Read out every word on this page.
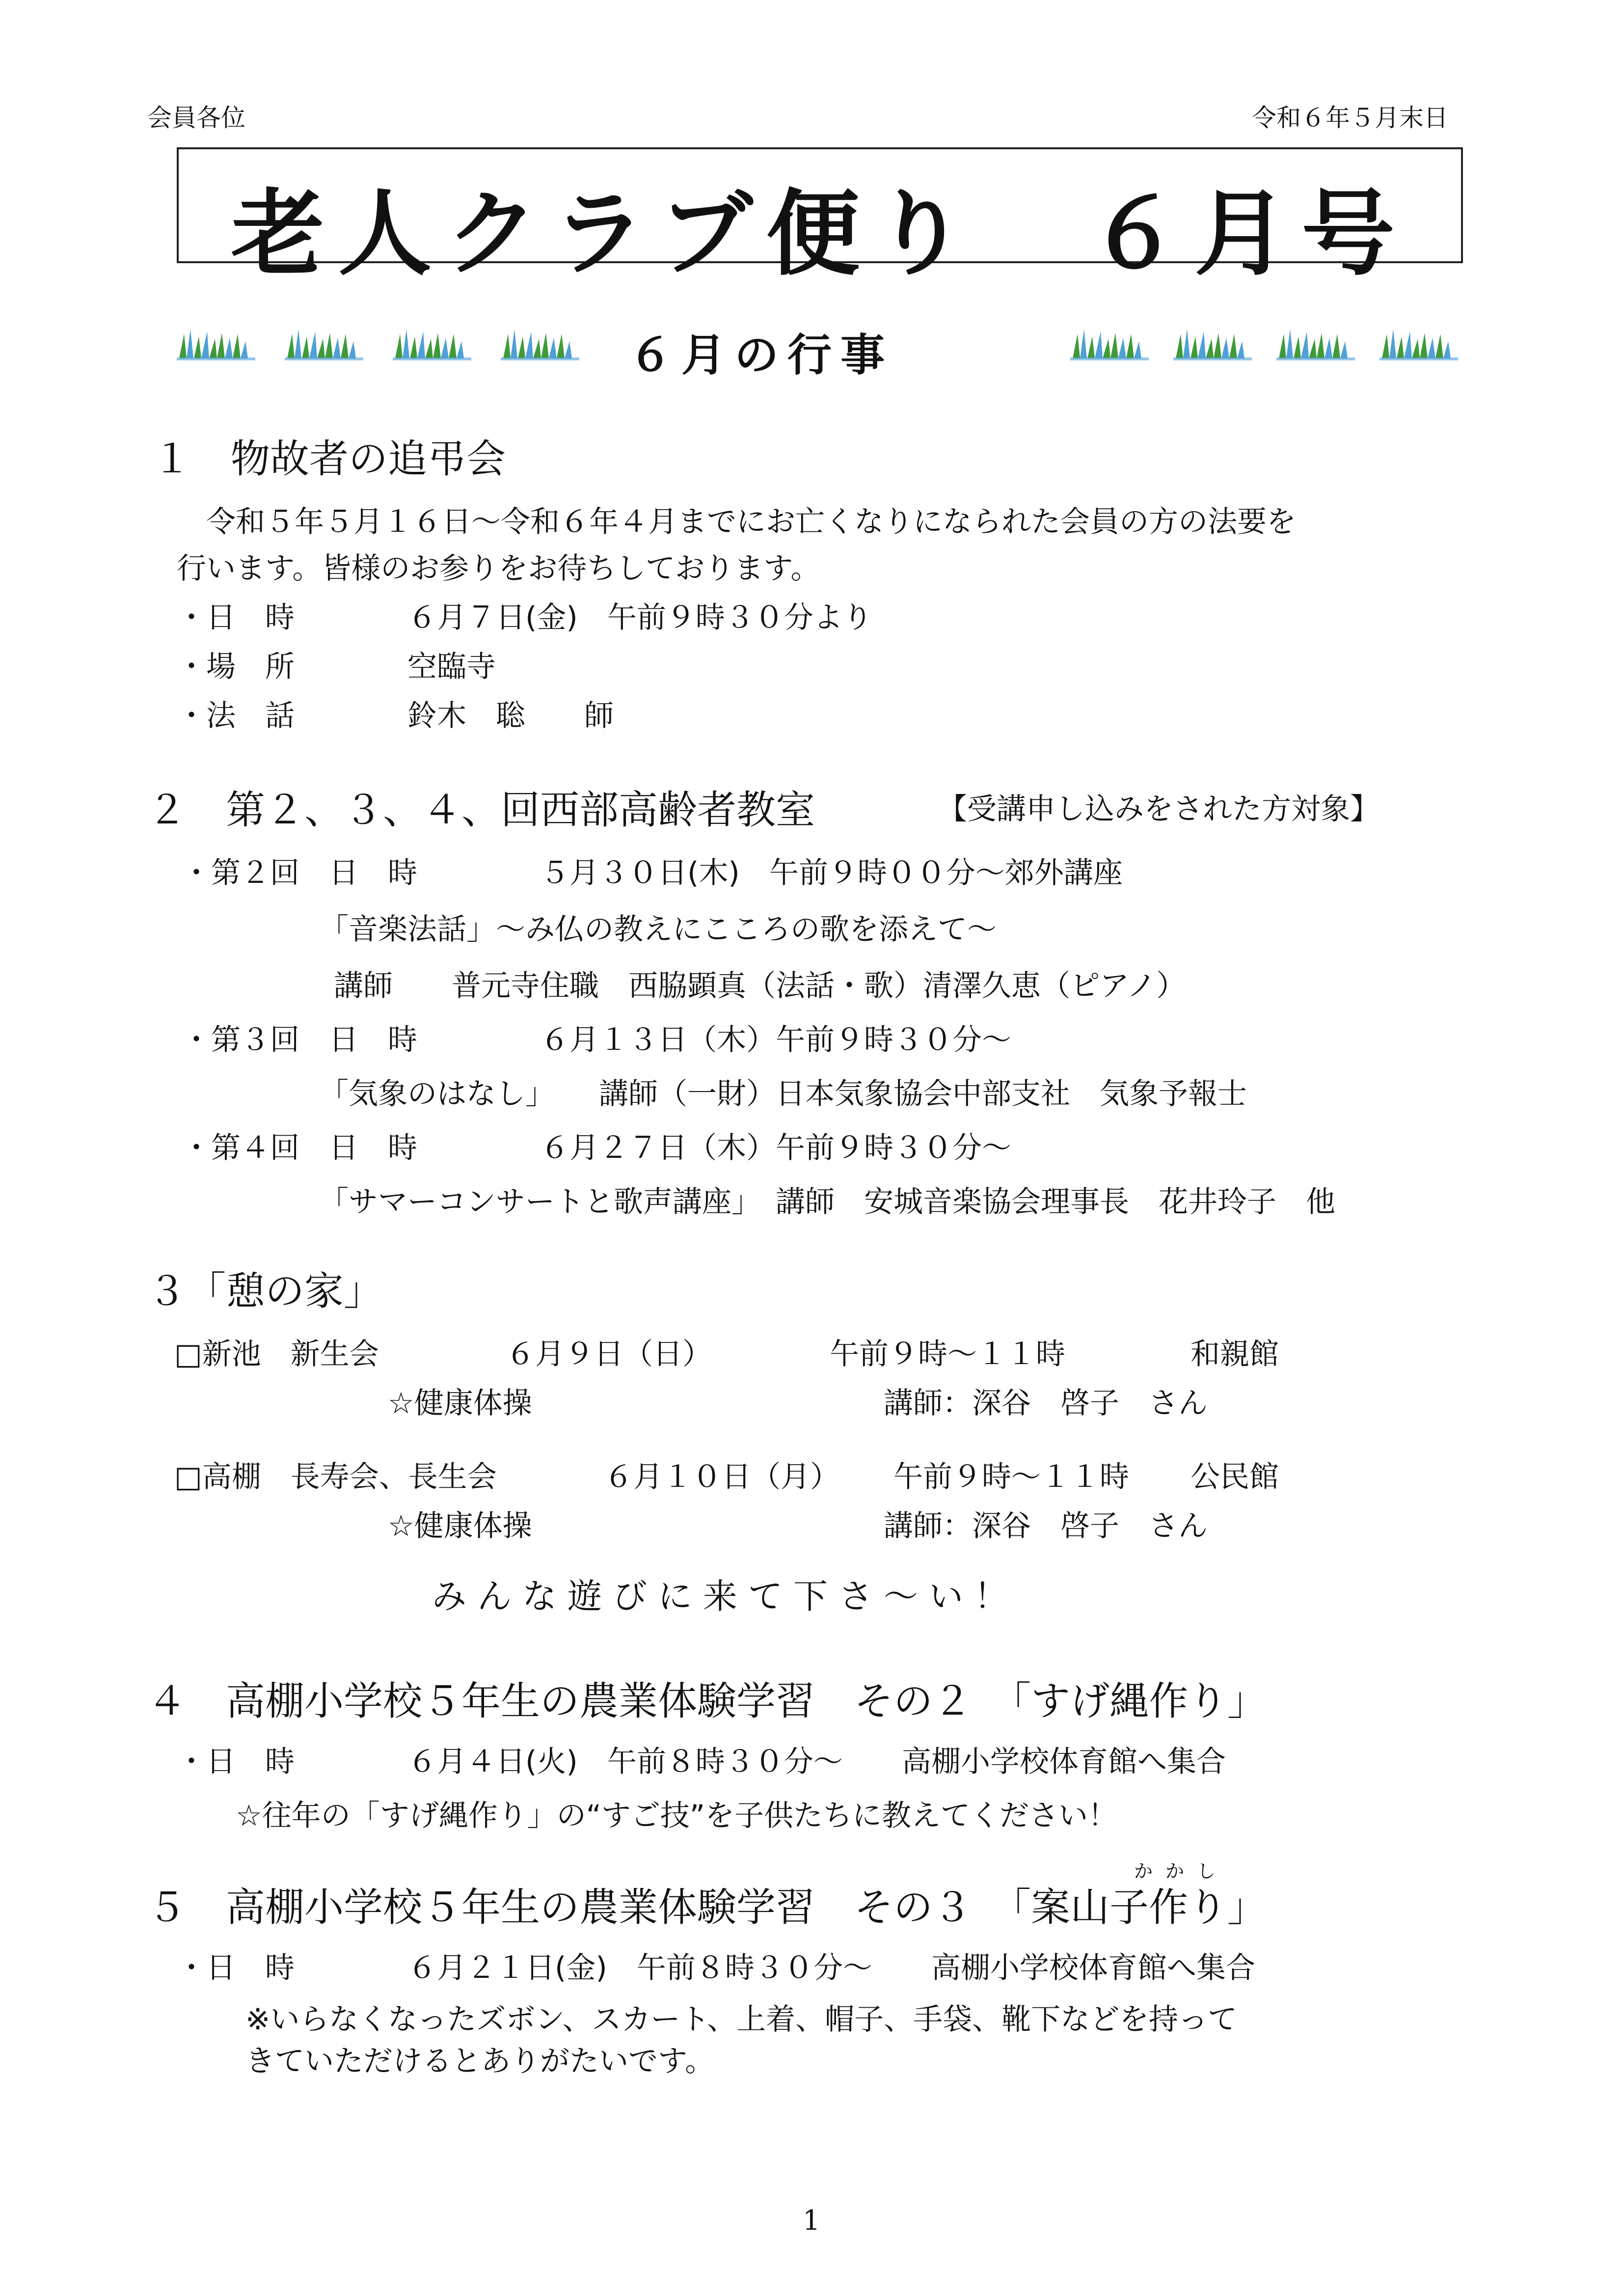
会員各位	令和６年５月末日
老人クラブ便り　６月号
６月の行事
１　物故者の追弔会
令和５年５月１６日～令和６年４月までにお亡くなりになられた会員の方の法要を
行います。皆様のお参りをお待ちしております。
・日　時	６月７日(金)　午前９時３０分より
・場　所	空臨寺
・法　話	鈴木　聡　　師
２　第２、３、４、回西部高齢者教室	【受講申し込みをされた方対象】
・第２回　日　時	５月３０日(木)　午前９時００分～郊外講座
「音楽法話」～み仏の教えにこころの歌を添えて～
講師　　普元寺住職　西脇顕真（法話・歌）清澤久恵（ピアノ）
・第３回　日　時	６月１３日（木）午前９時３０分～
「気象のはなし」　　講師（一財）日本気象協会中部支社　気象予報士
・第４回　日　時	６月２７日（木）午前９時３０分～
「サマーコンサートと歌声講座」　講師　安城音楽協会理事長　花井玲子　他
３「憩の家」
□新池　新生会	６月９日（日）	午前９時～１１時	和親館
☆健康体操	講師：深谷　啓子　さん
□高棚　長寿会、長生会	６月１０日（月） 午前９時～１１時 公民館
☆健康体操	講師：深谷　啓子　さん
みんな遊びに来て下さ～い！
４　高棚小学校５年生の農業体験学習　その２　「すげ縄作り」
・日　時	６月４日(火)　午前８時３０分～　　高棚小学校体育館へ集合
☆往年の「すげ縄作り」の“すご技”を子供たちに教えてください！
かかし
５　高棚小学校５年生の農業体験学習　その３　「案山子作り」
・日　時	６月２１日(金)　午前８時３０分～　　高棚小学校体育館へ集合
※いらなくなったズボン、スカート、上着、帽子、手袋、靴下などを持って
きていただけるとありがたいです。
1
